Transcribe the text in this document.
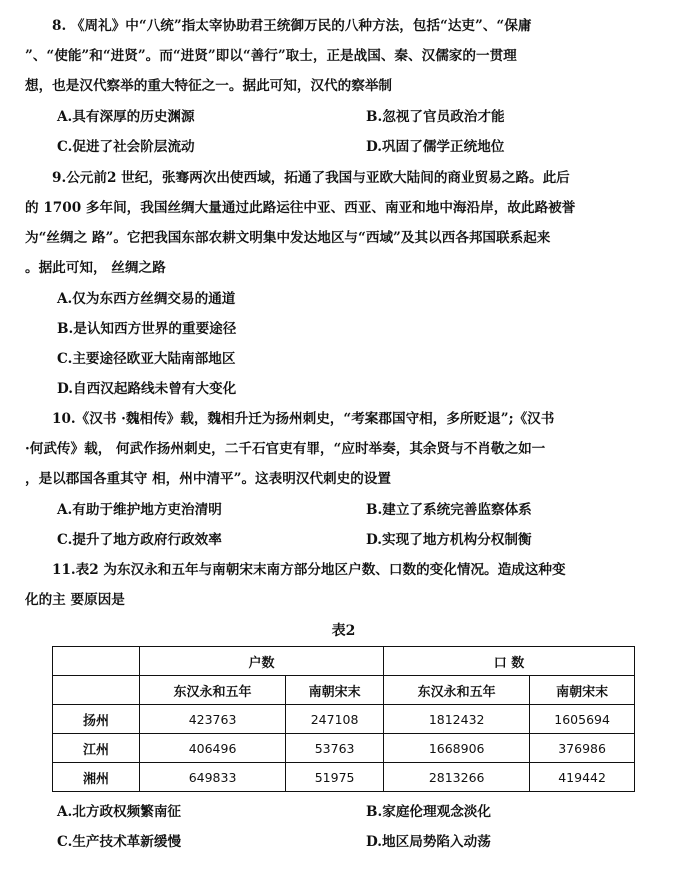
8. 《周礼》中“八统”指太宰协助君王统御万民的八种方法，包括“达吏”、“保庸
”、“使能”和“进贤”。而“进贤”即以“善行”取士，正是战国、秦、汉儒家的一贯理
想，也是汉代察举的重大特征之一。据此可知，汉代的察举制
A.具有深厚的历史渊源	B.忽视了官员政治才能
C.促进了社会阶层流动	D.巩固了儒学正统地位
9.公元前2 世纪，张骞两次出使西域，拓通了我国与亚欧大陆间的商业贸易之路。此后
的 1700 多年间，我国丝绸大量通过此路运往中亚、西亚、南亚和地中海沿岸，故此路被誉
为“丝绸之 路”。它把我国东部农耕文明集中发达地区与“西域”及其以西各邦国联系起来
。据此可知， 丝绸之路
A.仅为东西方丝绸交易的通道
B.是认知西方世界的重要途径
C.主要途径欧亚大陆南部地区
D.自西汉起路线未曾有大变化
10.《汉书 ·魏相传》载，魏相升迁为扬州刺史，“考案郡国守相，多所贬退”;《汉书
·何武传》载， 何武作扬州刺史，二千石官吏有罪，“应时举奏，其余贤与不肖敬之如一
，是以郡国各重其守 相，州中清平”。这表明汉代刺史的设置
A.有助于维护地方吏治清明	B.建立了系统完善监察体系
C.提升了地方政府行政效率	D.实现了地方机构分权制衡
11.表2 为东汉永和五年与南朝宋末南方部分地区户数、口数的变化情况。造成这种变
化的主 要原因是
表2
	户数		口 数	
	东汉永和五年	南朝宋末	东汉永和五年	南朝宋末
扬州	423763	247108	1812432	1605694
江州	406496	53763	1668906	376986
湘州	649833	51975	2813266	419442
A.北方政权频繁南征	B.家庭伦理观念淡化
C.生产技术革新缓慢	D.地区局势陷入动荡
